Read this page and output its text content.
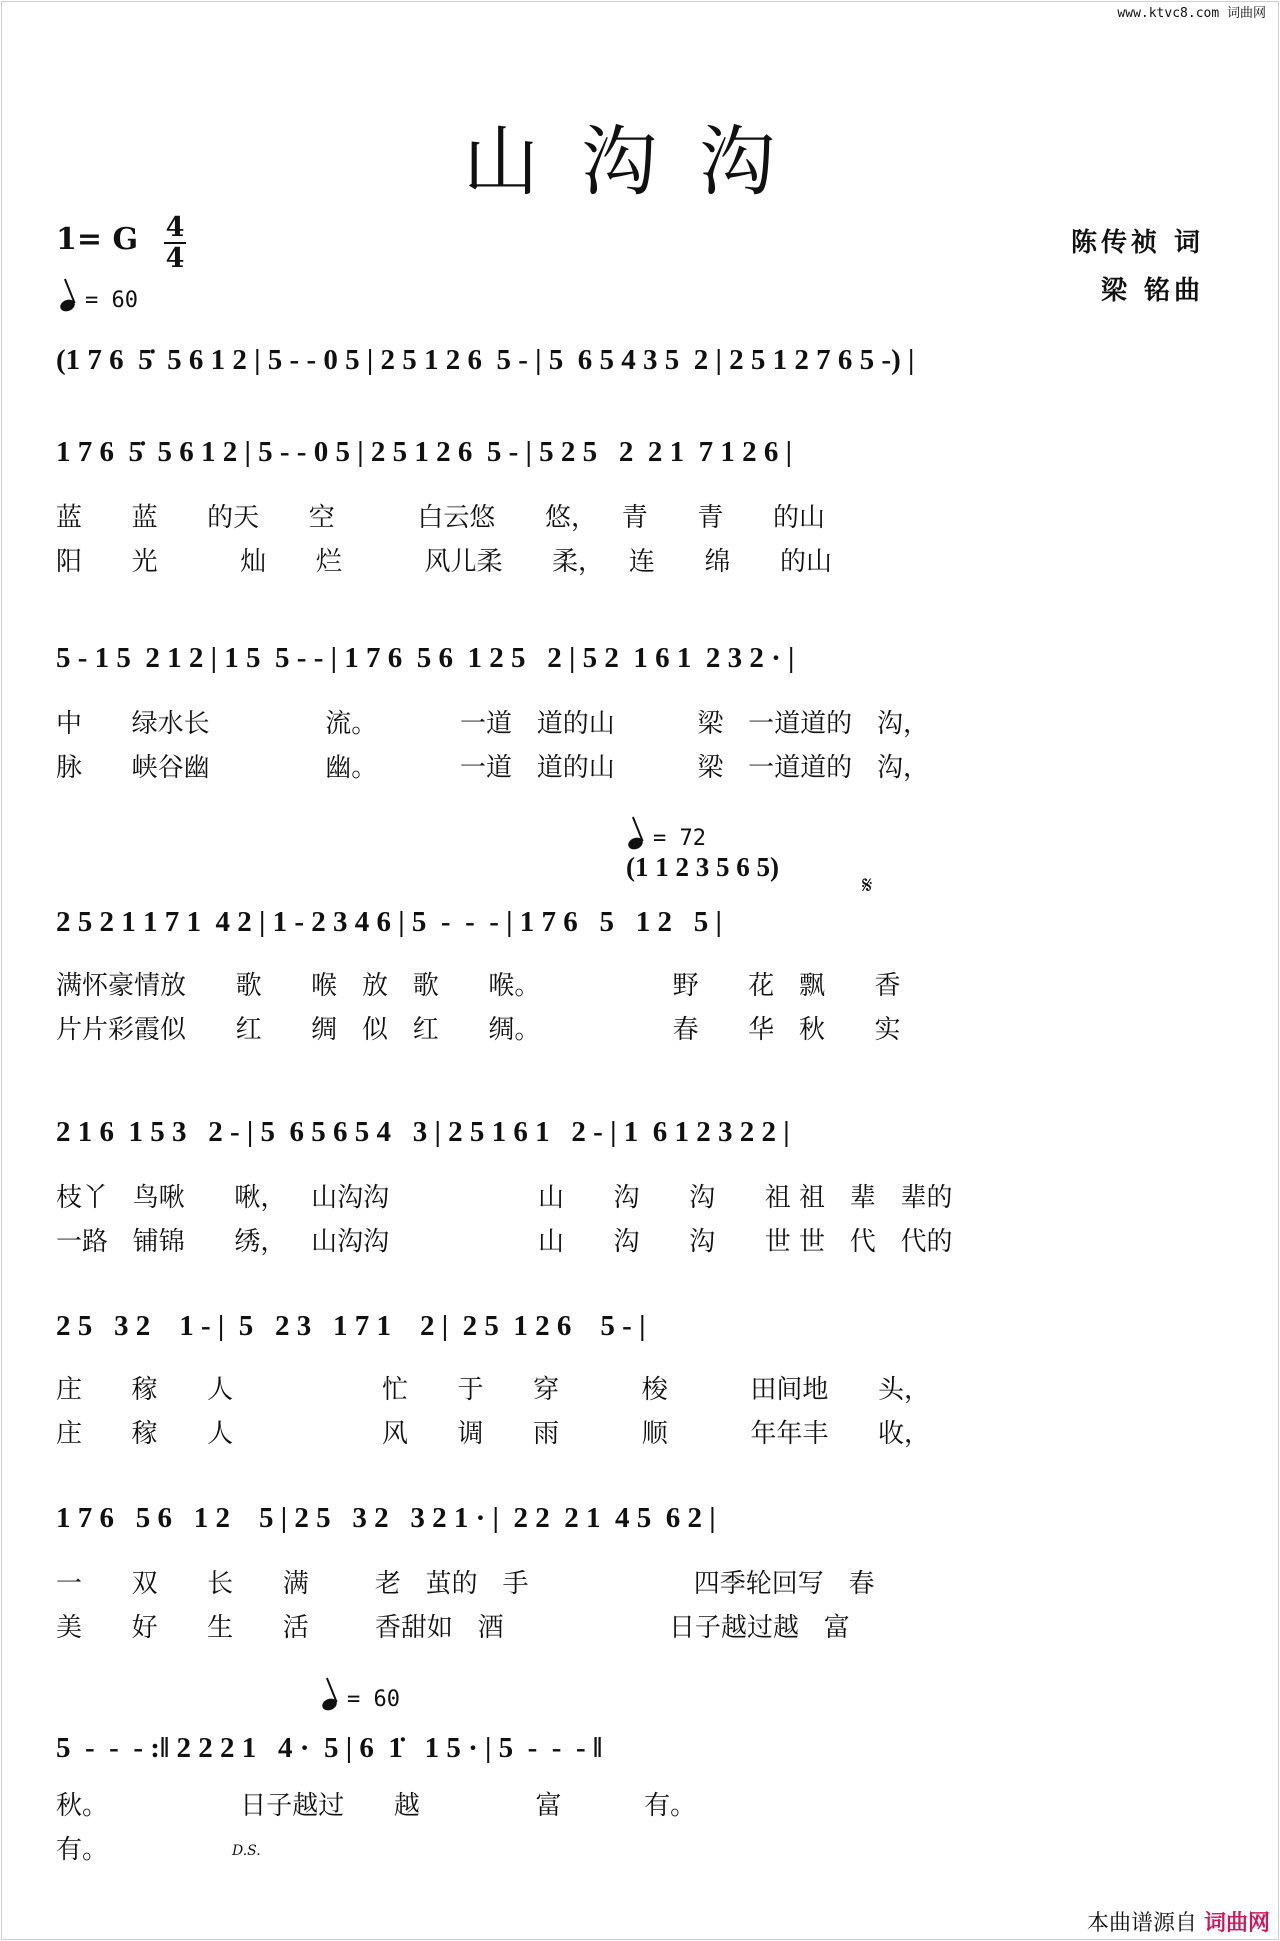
www.ktvc8.com 词曲网
山沟沟
1= G 4
4
= 60
= 72
= 60
陈传祯 词
梁 铭曲
(1 7 6  5̇  5 6 1 2 | 5 - - 0 5 | 2 5 1 2 6  5 - | 5  6 5 4 3 5  2 | 2 5 1 2 7 6 5 -) |
1 7 6  5̇  5 6 1 2 | 5 - - 0 5 | 2 5 1 2 6  5 - | 5 2 5   2  2 1  7 1 2 6 |
蓝      蓝      的天      空          白云悠      悠，   青      青      的山
阳      光          灿      烂          风儿柔      柔，   连      绵      的山
5 - 1 5  2 1 2 | 1 5  5 - - | 1 7 6  5 6  1 2 5   2 | 5 2  1 6 1  2 3 2 · |
中      绿水长              流。          一道   道的山          梁   一道道的   沟，
脉      峡谷幽              幽。          一道   道的山          梁   一道道的   沟，
(1 1 2 3 5 6 5)
𝄋
2 5 2 1 1 7 1  4 2 | 1 - 2 3 4 6 | 5  -  -  - | 1 7 6   5   1 2   5 |
满怀豪情放      歌      喉   放   歌      喉。                野      花   飘      香
片片彩霞似      红      绸   似   红      绸。                春      华   秋      实
2 1 6  1 5 3   2 - | 5  6 5 6 5 4   3 | 2 5 1 6 1   2 - | 1  6 1 2 3 2 2 |
枝丫   鸟啾      啾，   山沟沟                  山      沟      沟      祖 祖   辈   辈的
一路   铺锦      绣，   山沟沟                  山      沟      沟      世 世   代   代的
2 5   3 2    1 - |  5   2 3   1 7 1    2 |  2 5  1 2 6    5 - |
庄      稼      人                  忙      于      穿          梭          田间地      头，
庄      稼      人                  风      调      雨          顺          年年丰      收，
1 7 6   5 6   1 2    5 | 2 5   3 2   3 2 1 · |  2 2  2 1  4 5  6 2 |
一      双      长      满        老   茧的   手                    四季轮回写   春
美      好      生      活        香甜如   酒                    日子越过越   富
5  -  -  - :‖ 2 2 2 1   4 ·  5 | 6  1̇   1 5 · | 5  -  -  - ‖
秋。                日子越过      越              富          有。
有。	D.S.
本曲谱源自 词曲网
